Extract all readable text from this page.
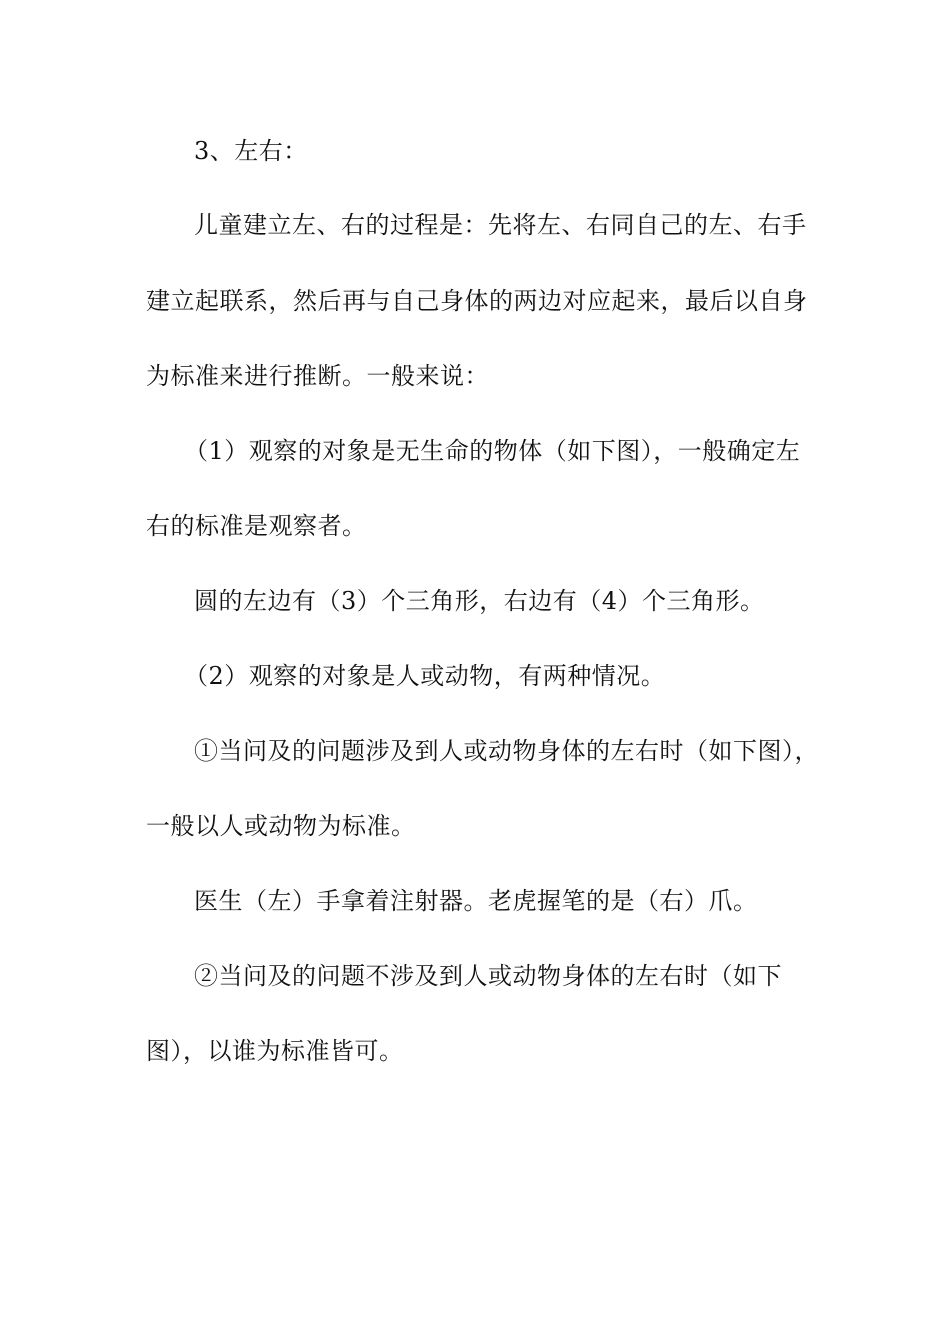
3、左右：
儿童建立左、右的过程是：先将左、右同自己的左、右手
建立起联系，然后再与自己身体的两边对应起来，最后以自身
为标准来进行推断。一般来说：
（1）观察的对象是无生命的物体（如下图），一般确定左
右的标准是观察者。
圆的左边有（3）个三角形，右边有（4）个三角形。
（2）观察的对象是人或动物，有两种情况。
①当问及的问题涉及到人或动物身体的左右时（如下图），
一般以人或动物为标准。
医生（左）手拿着注射器。老虎握笔的是（右）爪。
②当问及的问题不涉及到人或动物身体的左右时（如下
图），以谁为标准皆可。
